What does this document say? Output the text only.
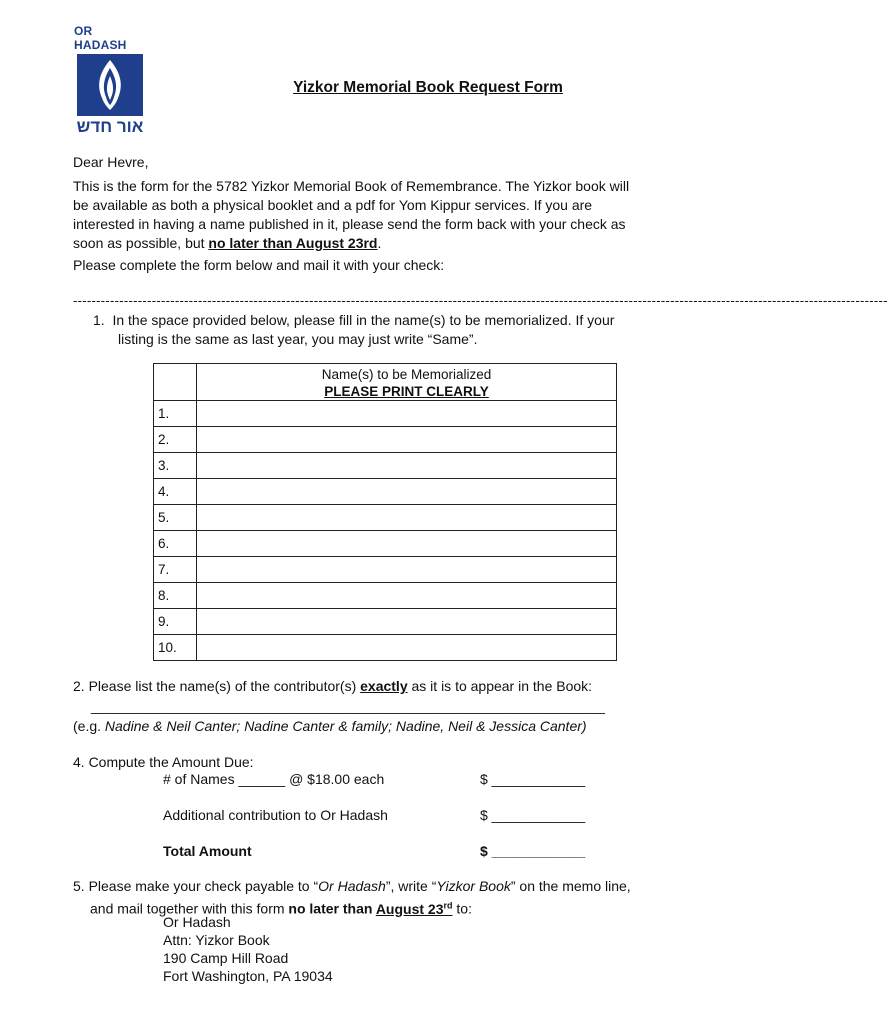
OR HADASH
אור חדש
Yizkor Memorial Book Request Form
Dear Hevre,
This is the form for the 5782 Yizkor Memorial Book of Remembrance. The Yizkor book will
be available as both a physical booklet and a pdf for Yom Kippur services. If you are
interested in having a name published in it, please send the form back with your check as
soon as possible, but no later than August 23rd.
Please complete the form below and mail it with your check:
--------------------------------------------------------------------------------------------------------------------------------------------------------------------------------
1. In the space provided below, please fill in the name(s) to be memorialized. If your
listing is the same as last year, you may just write “Same”.

	Name(s) to be Memorialized
PLEASE PRINT CLEARLY

1.	
2.	
3.	
4.	
5.	
6.	
7.	
8.	
9.	
10.	
2. Please list the name(s) of the contributor(s) exactly as it is to appear in the Book:
__________________________________________________________________
(e.g. Nadine & Neil Canter; Nadine Canter & family; Nadine, Neil & Jessica Canter)
4. Compute the Amount Due:
# of Names ______ @ $18.00 each	$ ____________
Additional contribution to Or Hadash	$ ____________
Total Amount	$ ____________
5. Please make your check payable to “Or Hadash”, write “Yizkor Book” on the memo line,
and mail together with this form no later than August 23rd to:
Or Hadash
Attn: Yizkor Book
190 Camp Hill Road
Fort Washington, PA 19034
